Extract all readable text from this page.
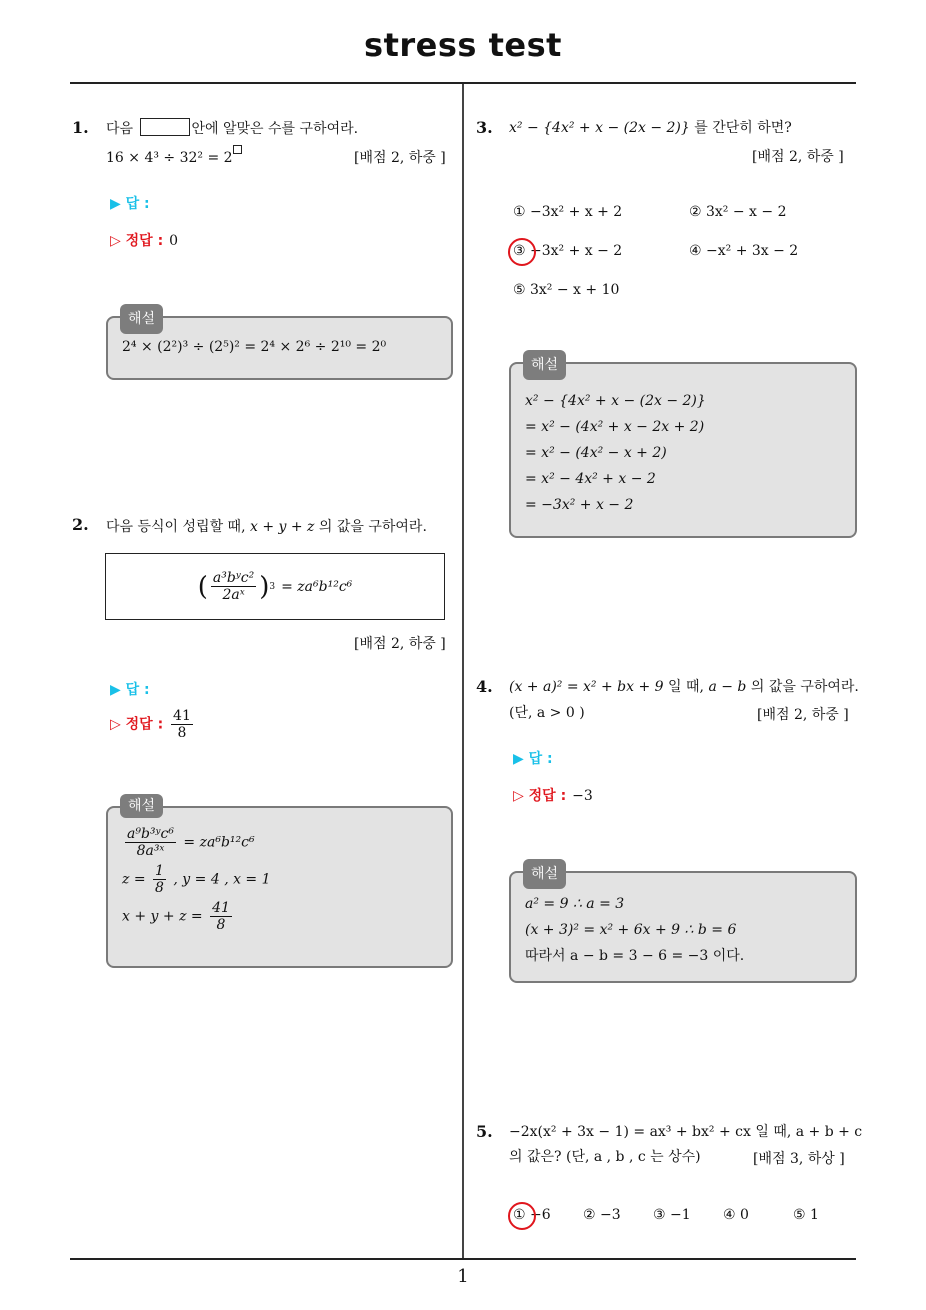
stress test
1
1. 다음	안에 알맞은 수를 구하여라.
16 × 4³ ÷ 32² = 2	[배점 2, 하중 ]
▶ 답 :
▷ 정답 : 0
해설
2⁴ × (2²)³ ÷ (2⁵)² = 2⁴ × 2⁶ ÷ 2¹⁰ = 2⁰
2. 다음 등식이 성립할 때, x + y + z 의 값을 구하여라.
( $\frac{\text{a³bʸc²}}{\text{2aˣ}}$ ) 3 = za⁶b¹²c⁶
[배점 2, 하중 ]
▶ 답 :
▷ 정답 : $\frac{41}{8}$
해설
$\frac{\text{a⁹b³ʸc⁶}}{\text{8a³ˣ}} = za^6b^{12}c^6$
$z = \frac{1}{8}$ , y = 4 , x = 1
$x + y + z = \frac{41}{8}$
3. x² − {4x² + x − (2x − 2)} 를 간단히 하면?
[배점 2, 하중 ]
① −3x² + x + 2	② 3x² − x − 2
③ −3x² + x − 2	④ −x² + 3x − 2
⑤ 3x² − x + 10
해설
x² − {4x² + x − (2x − 2)}
= x² − (4x² + x − 2x + 2)
= x² − (4x² − x + 2)
= x² − 4x² + x − 2
= −3x² + x − 2
4. (x + a)² = x² + bx + 9 일 때, a − b 의 값을 구하여라.
(단, a > 0 )	[배점 2, 하중 ]
▶ 답 :
▷ 정답 : −3
해설
a² = 9 ∴ a = 3
(x + 3)² = x² + 6x + 9 ∴ b = 6
따라서 a − b = 3 − 6 = −3 이다.
5. −2x(x² + 3x − 1) = ax³ + bx² + cx 일 때, a + b + c
의 값은? (단, a , b , c 는 상수)	[배점 3, 하상 ]
① −6 ② −3 ③ −1 ④ 0	⑤ 1
